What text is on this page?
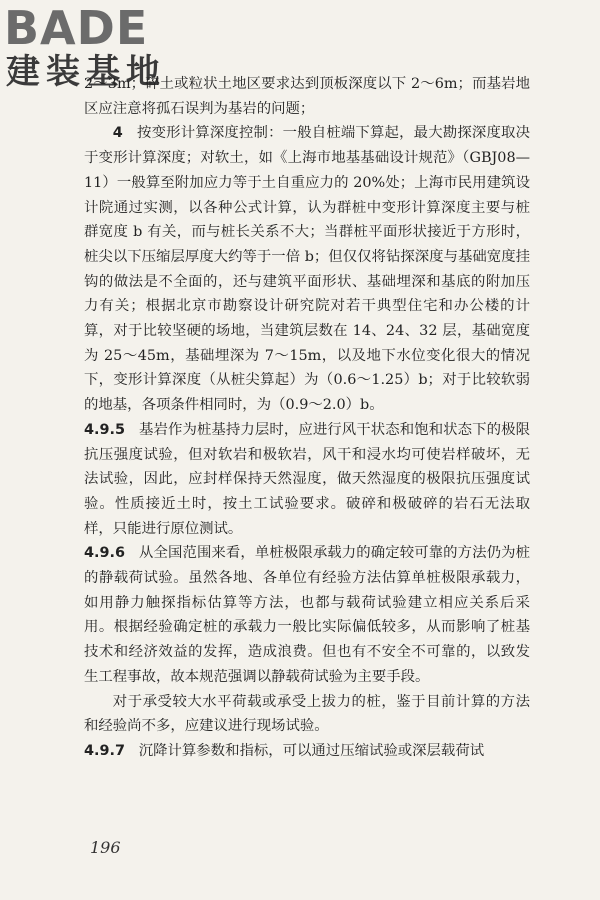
BADE
建装基地

2～3m；碎土或粒状土地区要求达到顶板深度以下 2～6m；而基岩地区应注意将孤石误判为基岩的问题；

4 按变形计算深度控制：一般自桩端下算起，最大勘探深度取决于变形计算深度；对软土，如《上海市地基基础设计规范》（GBJ08—11）一般算至附加应力等于土自重应力的 20%处；上海市民用建筑设计院通过实测，以各种公式计算，认为群桩中变形计算深度主要与桩群宽度 b 有关，而与桩长关系不大；当群桩平面形状接近于方形时，桩尖以下压缩层厚度大约等于一倍 b；但仅仅将钻探深度与基础宽度挂钩的做法是不全面的，还与建筑平面形状、基础埋深和基底的附加压力有关；根据北京市勘察设计研究院对若干典型住宅和办公楼的计算，对于比较坚硬的场地，当建筑层数在 14、24、32 层，基础宽度为 25～45m，基础埋深为 7～15m，以及地下水位变化很大的情况下，变形计算深度（从桩尖算起）为（0.6～1.25）b；对于比较软弱的地基，各项条件相同时，为（0.9～2.0）b。

4.9.5 基岩作为桩基持力层时，应进行风干状态和饱和状态下的极限抗压强度试验，但对软岩和极软岩，风干和浸水均可使岩样破坏，无法试验，因此，应封样保持天然湿度，做天然湿度的极限抗压强度试验。性质接近土时，按土工试验要求。破碎和极破碎的岩石无法取样，只能进行原位测试。

4.9.6 从全国范围来看，单桩极限承载力的确定较可靠的方法仍为桩的静载荷试验。虽然各地、各单位有经验方法估算单桩极限承载力，如用静力触探指标估算等方法，也都与载荷试验建立相应关系后采用。根据经验确定桩的承载力一般比实际偏低较多，从而影响了桩基技术和经济效益的发挥，造成浪费。但也有不安全不可靠的，以致发生工程事故，故本规范强调以静载荷试验为主要手段。

对于承受较大水平荷载或承受上拔力的桩，鉴于目前计算的方法和经验尚不多，应建议进行现场试验。

4.9.7 沉降计算参数和指标，可以通过压缩试验或深层载荷试

196
